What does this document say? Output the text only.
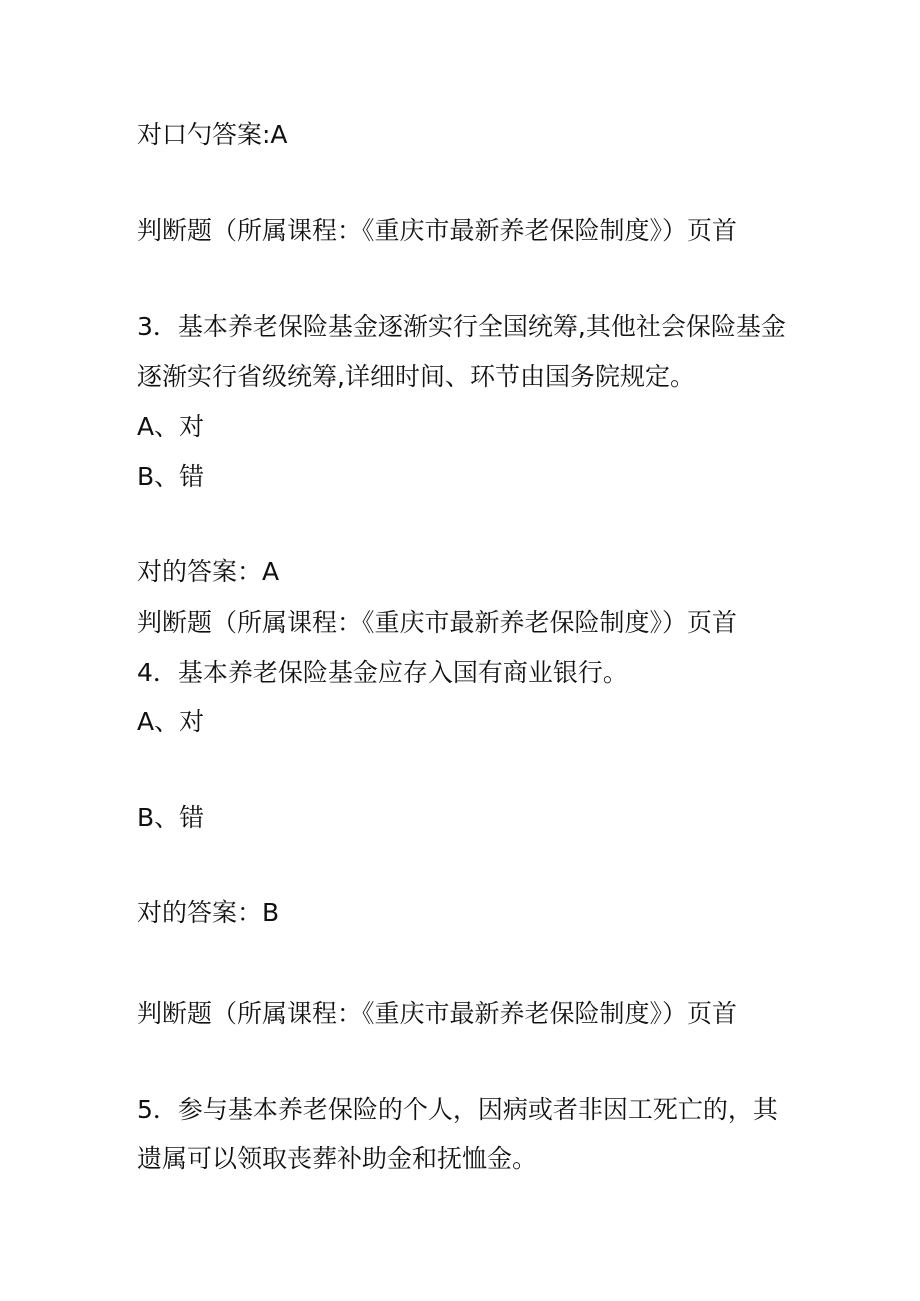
对口勺答案:A
判断题（所属课程：《重庆市最新养老保险制度》）页首
3．基本养老保险基金逐渐实行全国统筹,其他社会保险基金
逐渐实行省级统筹,详细时间、环节由国务院规定。
A、对
B、错
对的答案：A
判断题（所属课程：《重庆市最新养老保险制度》）页首
4．基本养老保险基金应存入国有商业银行。
A、对
B、错
对的答案：B
判断题（所属课程：《重庆市最新养老保险制度》）页首
5．参与基本养老保险的个人，因病或者非因工死亡的，其
遗属可以领取丧葬补助金和抚恤金。
